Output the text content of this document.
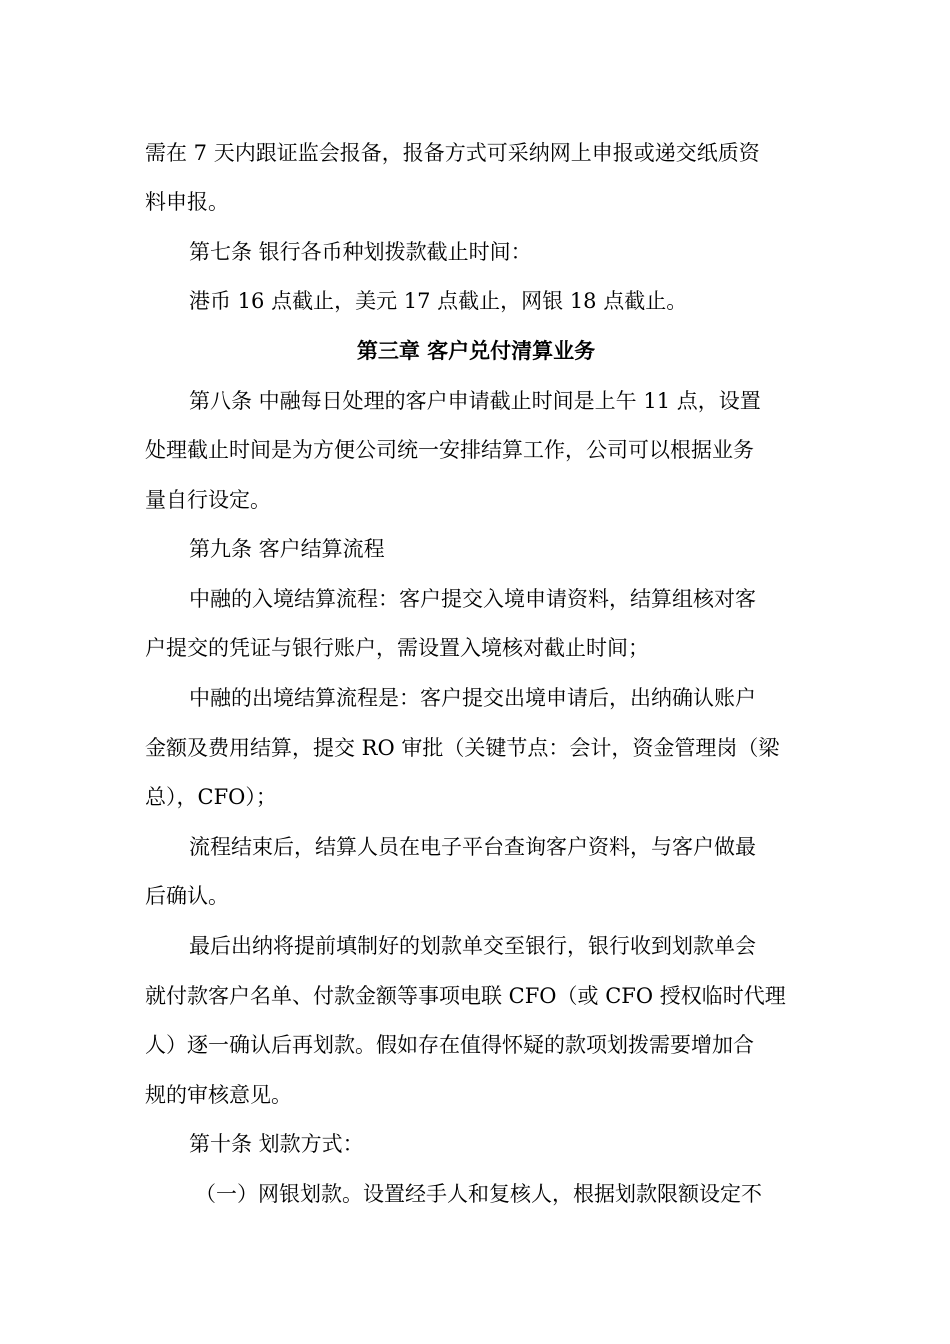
需在 7 天内跟证监会报备，报备方式可采纳网上申报或递交纸质资
料申报。
第七条 银行各币种划拨款截止时间：
港币 16 点截止，美元 17 点截止，网银 18 点截止。
第三章 客户兑付清算业务
第八条 中融每日处理的客户申请截止时间是上午 11 点，设置
处理截止时间是为方便公司统一安排结算工作，公司可以根据业务
量自行设定。
第九条 客户结算流程
中融的入境结算流程：客户提交入境申请资料，结算组核对客
户提交的凭证与银行账户，需设置入境核对截止时间；
中融的出境结算流程是：客户提交出境申请后，出纳确认账户
金额及费用结算，提交 RO 审批（关键节点：会计，资金管理岗（梁
总），CFO）；
流程结束后，结算人员在电子平台查询客户资料，与客户做最
后确认。
最后出纳将提前填制好的划款单交至银行，银行收到划款单会
就付款客户名单、付款金额等事项电联 CFO（或 CFO 授权临时代理
人）逐一确认后再划款。假如存在值得怀疑的款项划拨需要增加合
规的审核意见。
第十条 划款方式：
（一）网银划款。设置经手人和复核人，根据划款限额设定不
